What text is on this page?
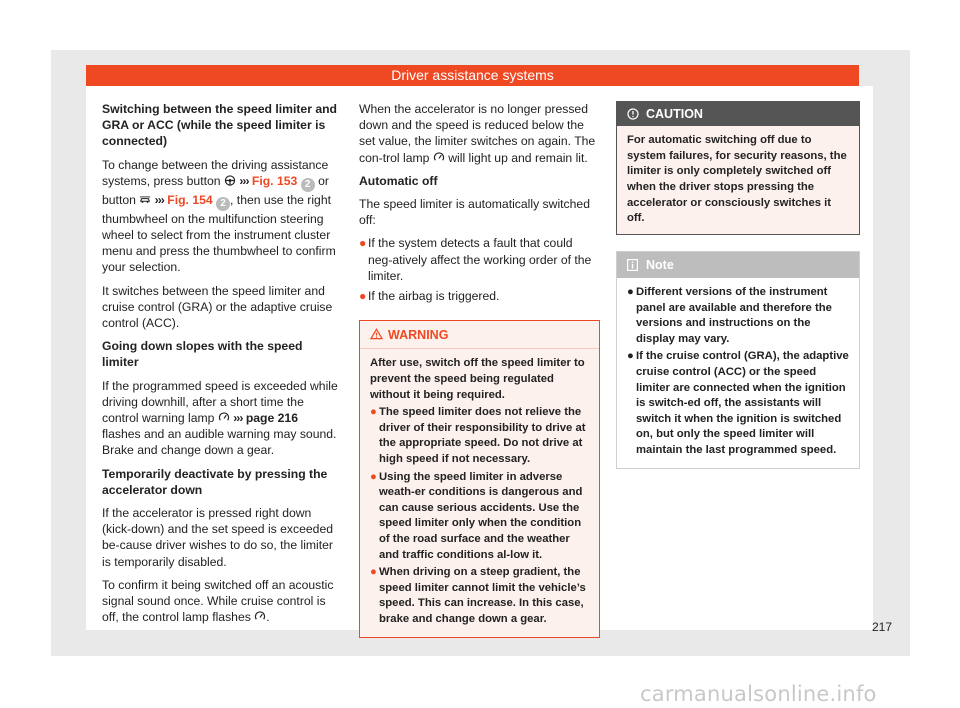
Driver assistance systems

Switching between the speed limiter and GRA or ACC (while the speed limiter is connected)

To change between the driving assistance systems, press button ››› Fig. 153 2 or button ››› Fig. 154 2 , then use the right thumbwheel on the multifunction steering wheel to select from the instrument cluster menu and press the thumbwheel to confirm your selection.

It switches between the speed limiter and cruise control (GRA) or the adaptive cruise control (ACC).

Going down slopes with the speed limiter

If the programmed speed is exceeded while driving downhill, after a short time the control warning lamp ››› page 216 flashes and an audible warning may sound. Brake and change down a gear.

Temporarily deactivate by pressing the accelerator down

If the accelerator is pressed right down (kick-down) and the set speed is exceeded be-cause driver wishes to do so, the limiter is temporarily disabled.

To confirm it being switched off an acoustic signal sound once. While cruise control is off, the control lamp flashes .

When the accelerator is no longer pressed down and the speed is reduced below the set value, the limiter switches on again. The con-trol lamp will light up and remain lit.

Automatic off

The speed limiter is automatically switched off:

● If the system detects a fault that could neg-atively affect the working order of the limiter.
● If the airbag is triggered.
WARNING

After use, switch off the speed limiter to prevent the speed being regulated without it being required.

● The speed limiter does not relieve the driver of their responsibility to drive at the appropriate speed. Do not drive at high speed if not necessary.
● Using the speed limiter in adverse weath-er conditions is dangerous and can cause serious accidents. Use the speed limiter only when the condition of the road surface and the weather and traffic conditions al-low it.
● When driving on a steep gradient, the speed limiter cannot limit the vehicle’s speed. This can increase. In this case, brake and change down a gear.
CAUTION
For automatic switching off due to system failures, for security reasons, the limiter is only completely switched off when the driver stops pressing the accelerator or consciously switches it off.
Note
● Different versions of the instrument panel are available and therefore the versions and instructions on the display may vary.
● If the cruise control (GRA), the adaptive cruise control (ACC) or the speed limiter are connected when the ignition is switch-ed off, the assistants will switch it when the ignition is switched on, but only the speed limiter will maintain the last programmed speed.
217
carmanualsonline.info
